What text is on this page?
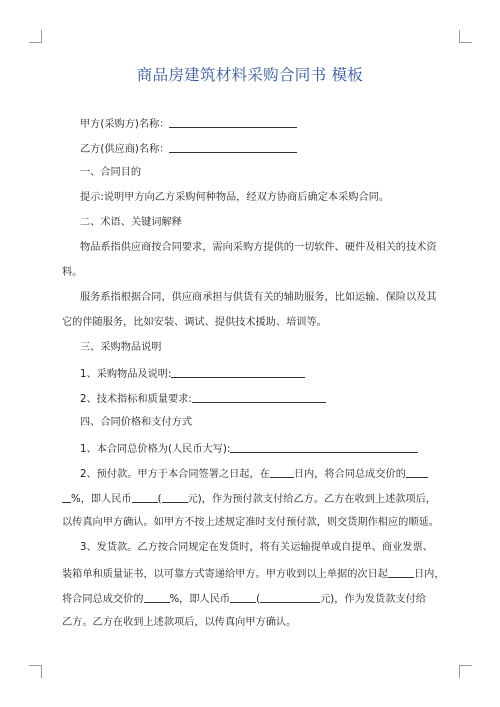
商品房建筑材料采购合同书 模板
甲方(采购方)名称：
乙方(供应商)名称：
一、合同目的
提示:说明甲方向乙方采购何种物品，经双方协商后确定本采购合同。
二、术语、关键词解释
物品系指供应商按合同要求，需向采购方提供的一切软件、硬件及相关的技术资
料。
服务系指根据合同，供应商承担与供货有关的辅助服务，比如运输、保险以及其
它的伴随服务，比如安装、调试、提供技术援助、培训等。
三、采购物品说明
1、采购物品及说明:
2、技术指标和质量要求:
四、合同价格和支付方式
1、本合同总价格为(人民币大写):
2、预付款。甲方于本合同签署之日起，在 日内，将合同总成交价的
%，即人民币	(	元)，作为预付款支付给乙方。乙方在收到上述款项后，
以传真向甲方确认。如甲方不按上述规定准时支付预付款，则交货期作相应的顺延。
3、发货款。乙方按合同规定在发货时，将有关运输提单或自提单、商业发票、
装箱单和质量证书，以可靠方式寄递给甲方。甲方收到以上单据的次日起	日内，
将合同总成交价的	%，即人民币	(	元)，作为发货款支付给
乙方。乙方在收到上述款项后，以传真向甲方确认。
